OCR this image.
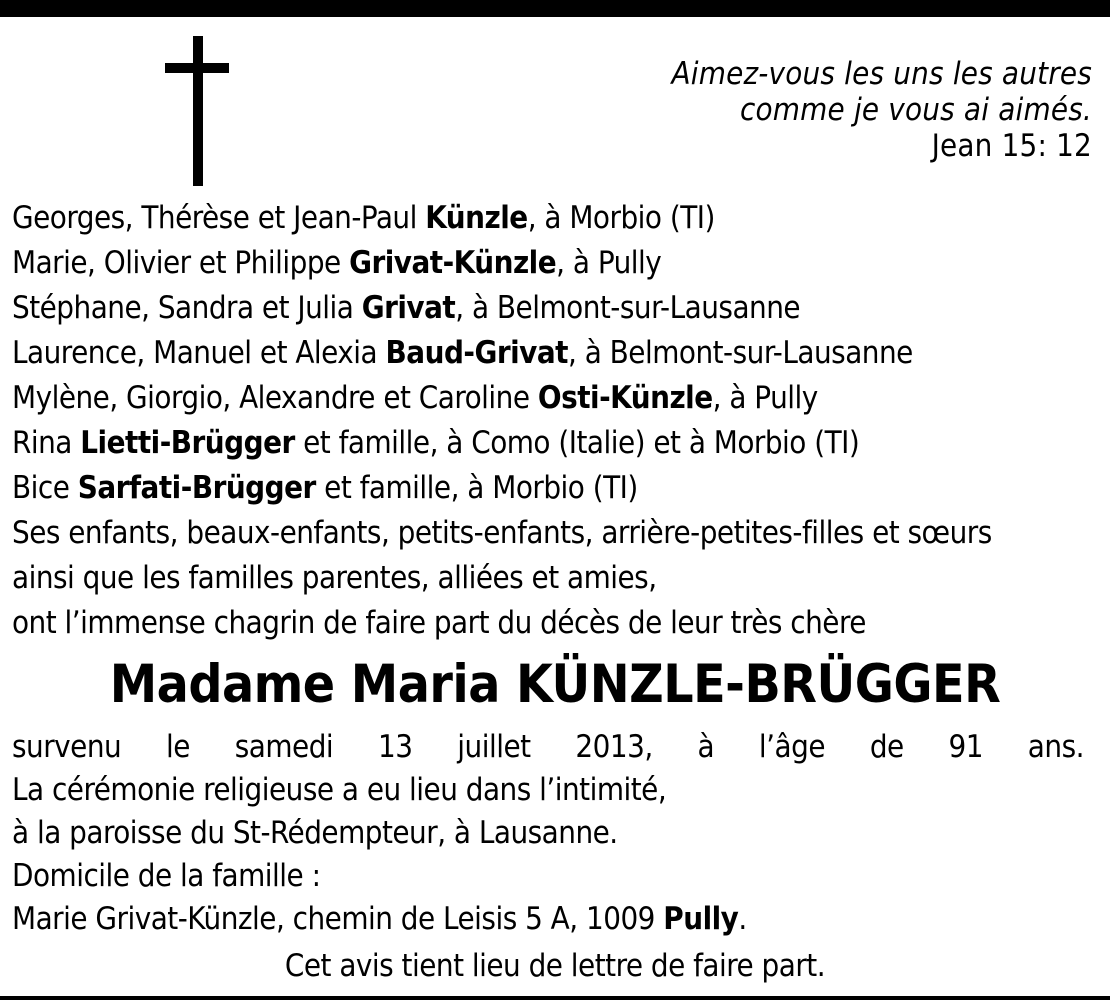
Aimez-vous les uns les autres
comme je vous ai aimés.
Jean 15: 12
Georges, Thérèse et Jean-Paul Künzle, à Morbio (TI)
Marie, Olivier et Philippe Grivat-Künzle, à Pully
Stéphane, Sandra et Julia Grivat, à Belmont-sur-Lausanne
Laurence, Manuel et Alexia Baud-Grivat, à Belmont-sur-Lausanne
Mylène, Giorgio, Alexandre et Caroline Osti-Künzle, à Pully
Rina Lietti-Brügger et famille, à Como (Italie) et à Morbio (TI)
Bice Sarfati-Brügger et famille, à Morbio (TI)
Ses enfants, beaux-enfants, petits-enfants, arrière-petites-filles et sœurs
ainsi que les familles parentes, alliées et amies,
ont l’immense chagrin de faire part du décès de leur très chère
Madame Maria KÜNZLE-BRÜGGER
survenu le samedi 13 juillet 2013, à l’âge de 91 ans.
La cérémonie religieuse a eu lieu dans l’intimité,
à la paroisse du St-Rédempteur, à Lausanne.
Domicile de la famille :
Marie Grivat-Künzle, chemin de Leisis 5 A, 1009 Pully.
Cet avis tient lieu de lettre de faire part.
